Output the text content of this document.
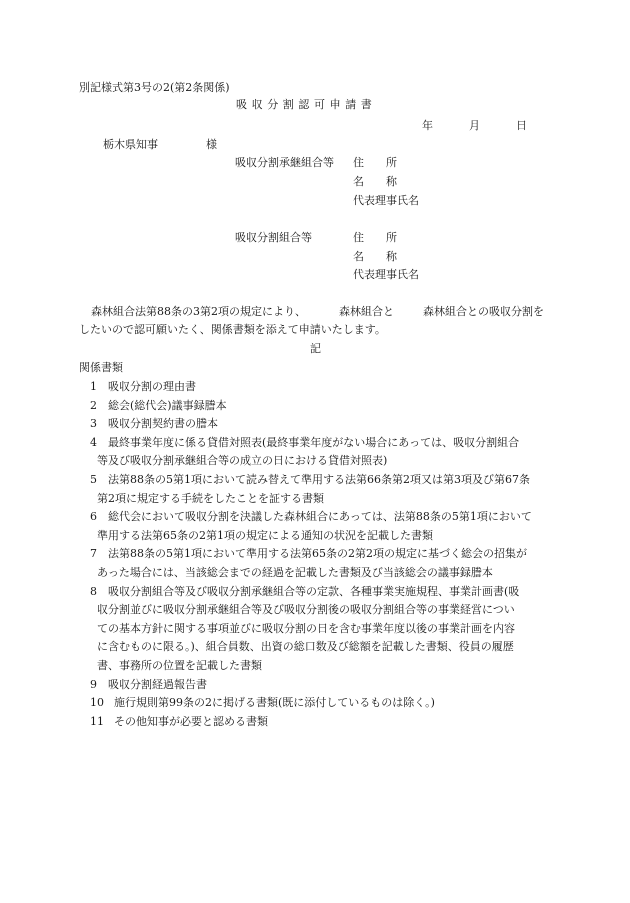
別記様式第3号の2(第2条関係)
吸収分割認可申請書
年	月	日
栃木県知事	様
吸収分割承継組合等 住　　所
名　　称
代表理事氏名
吸収分割組合等	住　　所
名　　称
代表理事氏名
森林組合法第88条の3第2項の規定により、	森林組合と	森林組合との吸収分割を
したいので認可願いたく、関係書類を添えて申請いたします。
記
関係書類
1 吸収分割の理由書
2 総会(総代会)議事録謄本
3 吸収分割契約書の謄本
4 最終事業年度に係る貸借対照表(最終事業年度がない場合にあっては、吸収分割組合
等及び吸収分割承継組合等の成立の日における貸借対照表)
5 法第88条の5第1項において読み替えて準用する法第66条第2項又は第3項及び第67条
第2項に規定する手続をしたことを証する書類
6 総代会において吸収分割を決議した森林組合にあっては、法第88条の5第1項において
準用する法第65条の2第1項の規定による通知の状況を記載した書類
7 法第88条の5第1項において準用する法第65条の2第2項の規定に基づく総会の招集が
あった場合には、当該総会までの経過を記載した書類及び当該総会の議事録謄本
8 吸収分割組合等及び吸収分割承継組合等の定款、各種事業実施規程、事業計画書(吸
収分割並びに吸収分割承継組合等及び吸収分割後の吸収分割組合等の事業経営につい
ての基本方針に関する事項並びに吸収分割の日を含む事業年度以後の事業計画を内容
に含むものに限る。)、組合員数、出資の総口数及び総額を記載した書類、役員の履歴
書、事務所の位置を記載した書類
9 吸収分割経過報告書
10 施行規則第99条の2に掲げる書類(既に添付しているものは除く。)
11 その他知事が必要と認める書類
